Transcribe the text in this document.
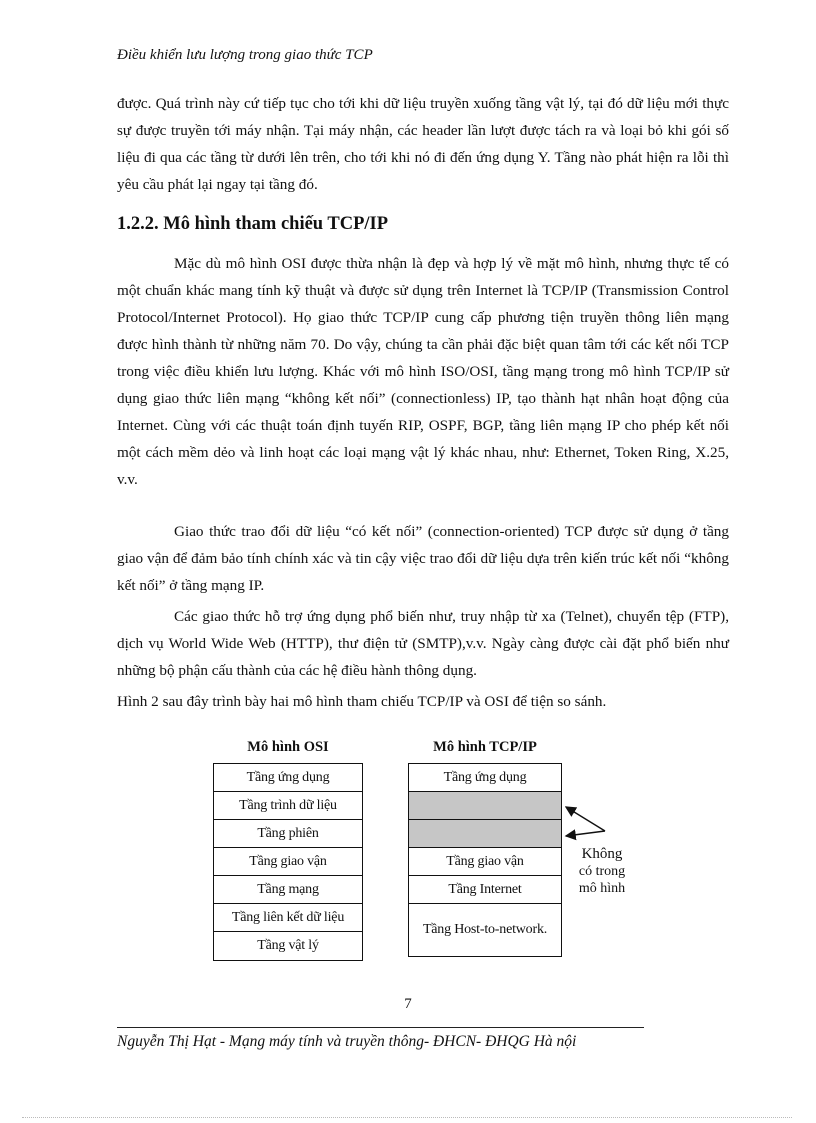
Điều khiển lưu lượng trong giao thức TCP

được. Quá trình này cứ tiếp tục cho tới khi dữ liệu truyền xuống tầng vật lý, tại đó dữ liệu mới thực sự được truyền tới máy nhận. Tại máy nhận, các header lần lượt được tách ra và loại bỏ khi gói số liệu đi qua các tầng từ dưới lên trên, cho tới khi nó đi đến ứng dụng Y. Tầng nào phát hiện ra lỗi thì yêu cầu phát lại ngay tại tầng đó.

1.2.2. Mô hình tham chiếu TCP/IP

Mặc dù mô hình OSI được thừa nhận là đẹp và hợp lý về mặt mô hình, nhưng thực tế có một chuẩn khác mang tính kỹ thuật và được sử dụng trên Internet là TCP/IP (Transmission Control Protocol/Internet Protocol). Họ giao thức TCP/IP cung cấp phương tiện truyền thông liên mạng được hình thành từ những năm 70. Do vậy, chúng ta cần phải đặc biệt quan tâm tới các kết nối TCP trong việc điều khiển lưu lượng. Khác với mô hình ISO/OSI, tầng mạng trong mô hình TCP/IP sử dụng giao thức liên mạng “không kết nối” (connectionless) IP, tạo thành hạt nhân hoạt động của Internet. Cùng với các thuật toán định tuyến RIP, OSPF, BGP, tầng liên mạng IP cho phép kết nối một cách mềm dẻo và linh hoạt các loại mạng vật lý khác nhau, như: Ethernet, Token Ring, X.25, v.v.

Giao thức trao đổi dữ liệu “có kết nối” (connection-oriented) TCP được sử dụng ở tầng giao vận để đảm bảo tính chính xác và tin cậy việc trao đổi dữ liệu dựa trên kiến trúc kết nối “không kết nối” ở tầng mạng IP.

Các giao thức hỗ trợ ứng dụng phổ biến như, truy nhập từ xa (Telnet), chuyển tệp (FTP), dịch vụ World Wide Web (HTTP), thư điện tử (SMTP),v.v. Ngày càng được cài đặt phổ biến như những bộ phận cấu thành của các hệ điều hành thông dụng.

Hình 2 sau đây trình bày hai mô hình tham chiếu TCP/IP và OSI để tiện so sánh.

Mô hình OSI
Tầng ứng dụng
Tầng trình dữ liệu
Tầng phiên
Tầng giao vận
Tầng mạng
Tầng liên kết dữ liệu
Tầng vật lý
Mô hình TCP/IP
Tầng ứng dụng
Tầng giao vận
Tầng Internet
Tầng Host-to-network.
Không
có trong
mô hình
7
Nguyễn Thị Hạt - Mạng máy tính và truyền thông- ĐHCN- ĐHQG Hà nội
